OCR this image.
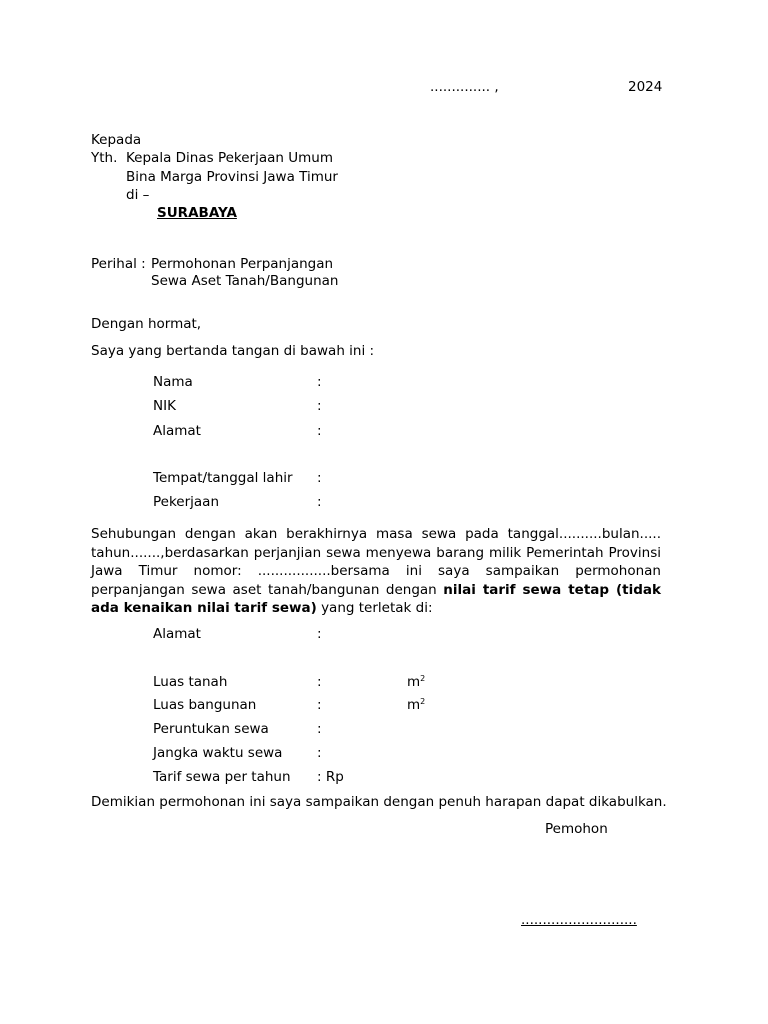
.............. ,	2024
Kepada
Yth. Kepala Dinas Pekerjaan Umum
Bina Marga Provinsi Jawa Timur
di –
SURABAYA
Perihal : Permohonan Perpanjangan
Sewa Aset Tanah/Bangunan
Dengan hormat,
Saya yang bertanda tangan di bawah ini :
Nama	:
NIK	:
Alamat	:
Tempat/tanggal lahir :
Pekerjaan	:
Sehubungan dengan akan berakhirnya masa sewa pada tanggal..........bulan..... tahun.......,berdasarkan perjanjian sewa menyewa barang milik Pemerintah Provinsi Jawa Timur nomor: .................bersama ini saya sampaikan permohonan perpanjangan sewa aset tanah/bangunan dengan nilai tarif sewa tetap (tidak ada kenaikan nilai tarif sewa) yang terletak di:
Alamat	:
Luas tanah	:	$m^2$
Luas bangunan	:	$m^2$
Peruntukan sewa	:
Jangka waktu sewa	:
Tarif sewa per tahun : Rp
Demikian permohonan ini saya sampaikan dengan penuh harapan dapat dikabulkan.
Pemohon
...........................
